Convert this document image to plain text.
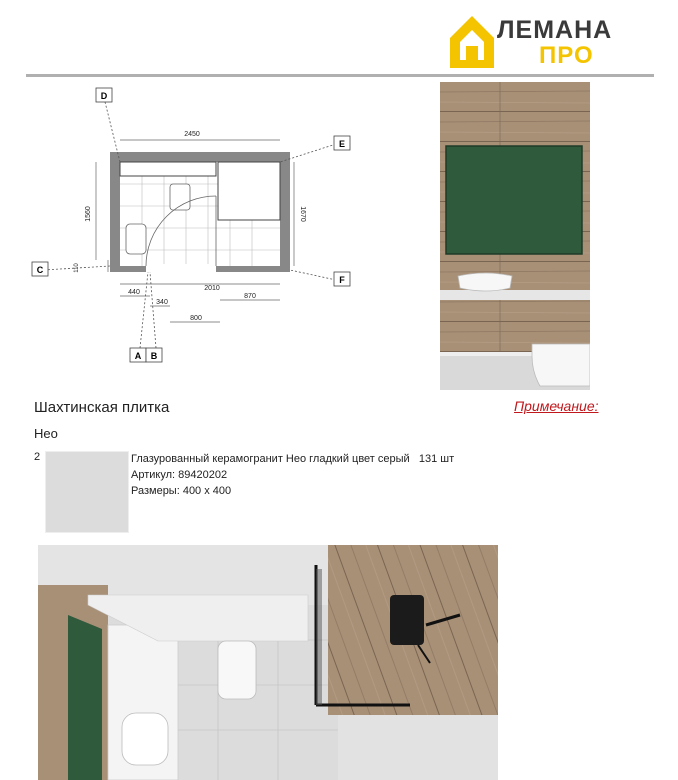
ЛЕМАНА
ПРО
2450
1560	1670
110
2010
440
340
870
800
D
E
C
F
A B
Шахтинская плитка	Примечание:
Нео
2	Глазурованный керамогранит Нео гладкий цвет серый 131 шт
Артикул: 89420202
Размеры: 400 х 400
